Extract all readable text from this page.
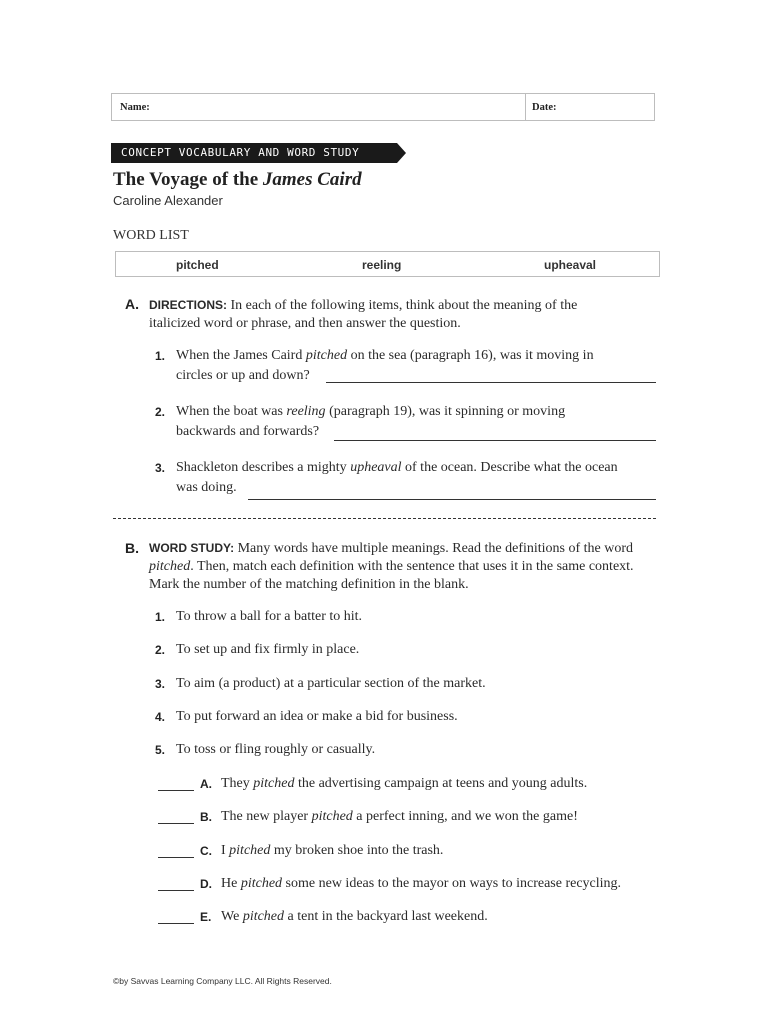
Name:	Date:
CONCEPT VOCABULARY AND WORD STUDY
The Voyage of the James Caird
Caroline Alexander
WORD LIST
pitched	reeling	upheaval
A. DIRECTIONS: In each of the following items, think about the meaning of the italicized word or phrase, and then answer the question.
1. When the James Caird pitched on the sea (paragraph 16), was it moving in
circles or up and down?
2. When the boat was reeling (paragraph 19), was it spinning or moving
backwards and forwards?
3. Shackleton describes a mighty upheaval of the ocean. Describe what the ocean
was doing.
B. WORD STUDY: Many words have multiple meanings. Read the definitions of the word pitched. Then, match each definition with the sentence that uses it in the same context. Mark the number of the matching definition in the blank.
1. To throw a ball for a batter to hit.
2. To set up and fix firmly in place.
3. To aim (a product) at a particular section of the market.
4. To put forward an idea or make a bid for business.
5. To toss or fling roughly or casually.
A. They pitched the advertising campaign at teens and young adults.
B. The new player pitched a perfect inning, and we won the game!
C. I pitched my broken shoe into the trash.
D. He pitched some new ideas to the mayor on ways to increase recycling.
E. We pitched a tent in the backyard last weekend.
©by Savvas Learning Company LLC. All Rights Reserved.
